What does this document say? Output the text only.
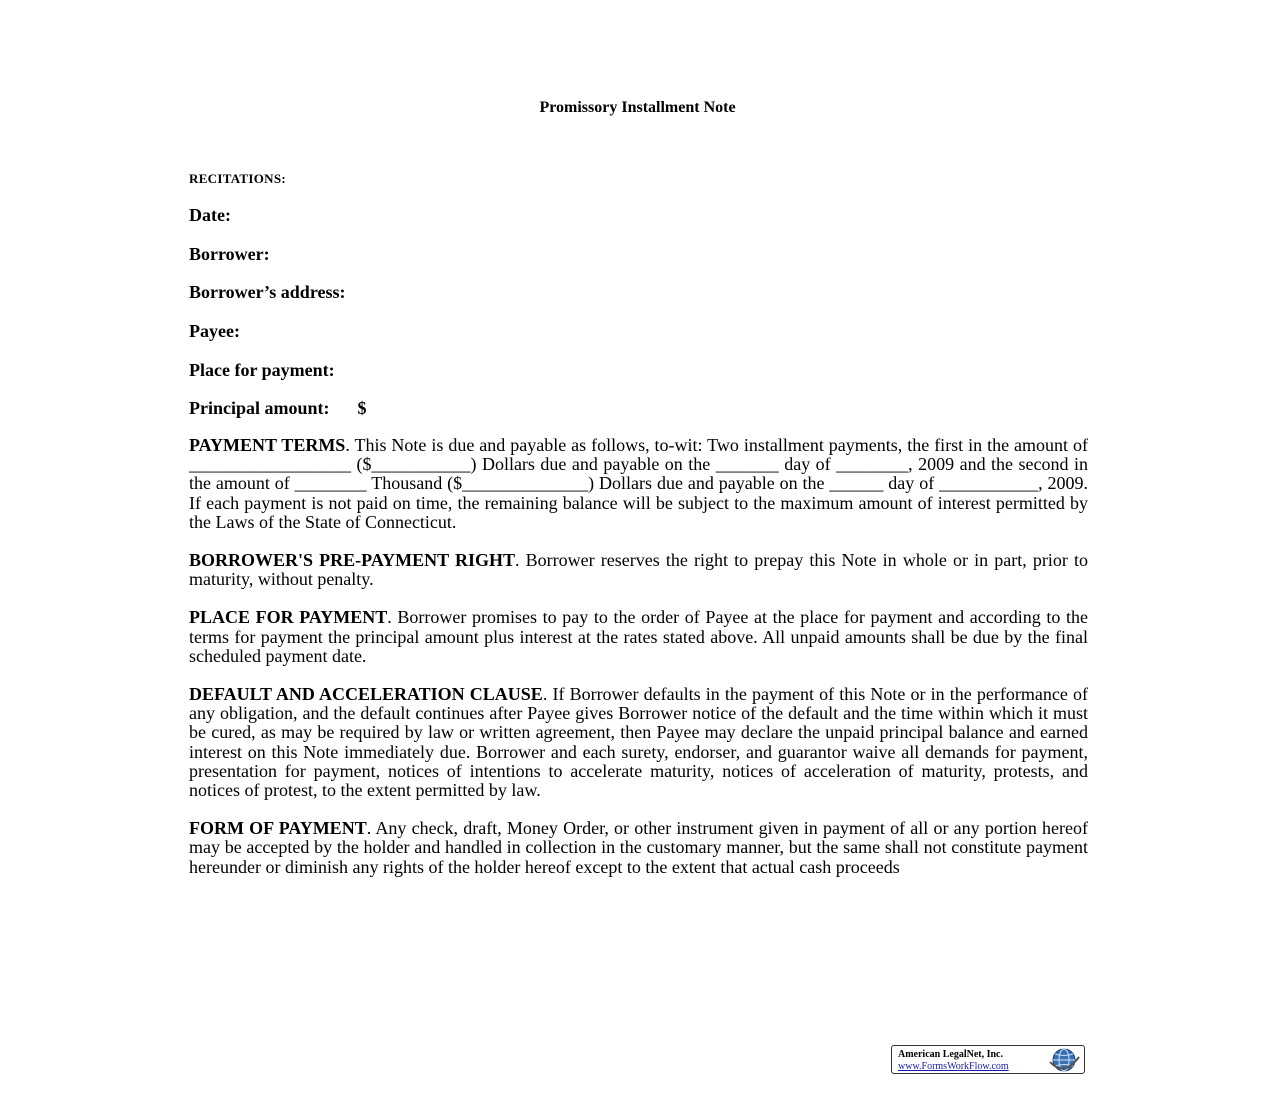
Promissory Installment Note

RECITATIONS:

Date:
Borrower:
Borrower’s address:
Payee:
Place for payment:
Principal amount: $

PAYMENT TERMS. This Note is due and payable as follows, to-wit: Two installment payments, the first in the amount of __________________ ($___________) Dollars due and payable on the _______ day of ________, 2009 and the second in the amount of ________ Thousand ($______________) Dollars due and payable on the ______ day of ___________, 2009. If each payment is not paid on time, the remaining balance will be subject to the maximum amount of interest permitted by the Laws of the State of Connecticut.

BORROWER'S PRE-PAYMENT RIGHT. Borrower reserves the right to prepay this Note in whole or in part, prior to maturity, without penalty.

PLACE FOR PAYMENT. Borrower promises to pay to the order of Payee at the place for payment and according to the terms for payment the principal amount plus interest at the rates stated above. All unpaid amounts shall be due by the final scheduled payment date.

DEFAULT AND ACCELERATION CLAUSE. If Borrower defaults in the payment of this Note or in the performance of any obligation, and the default continues after Payee gives Borrower notice of the default and the time within which it must be cured, as may be required by law or written agreement, then Payee may declare the unpaid principal balance and earned interest on this Note immediately due. Borrower and each surety, endorser, and guarantor waive all demands for payment, presentation for payment, notices of intentions to accelerate maturity, notices of acceleration of maturity, protests, and notices of protest, to the extent permitted by law.

FORM OF PAYMENT. Any check, draft, Money Order, or other instrument given in payment of all or any portion hereof may be accepted by the holder and handled in collection in the customary manner, but the same shall not constitute payment hereunder or diminish any rights of the holder hereof except to the extent that actual cash proceeds

American LegalNet, Inc.
www.FormsWorkFlow.com
